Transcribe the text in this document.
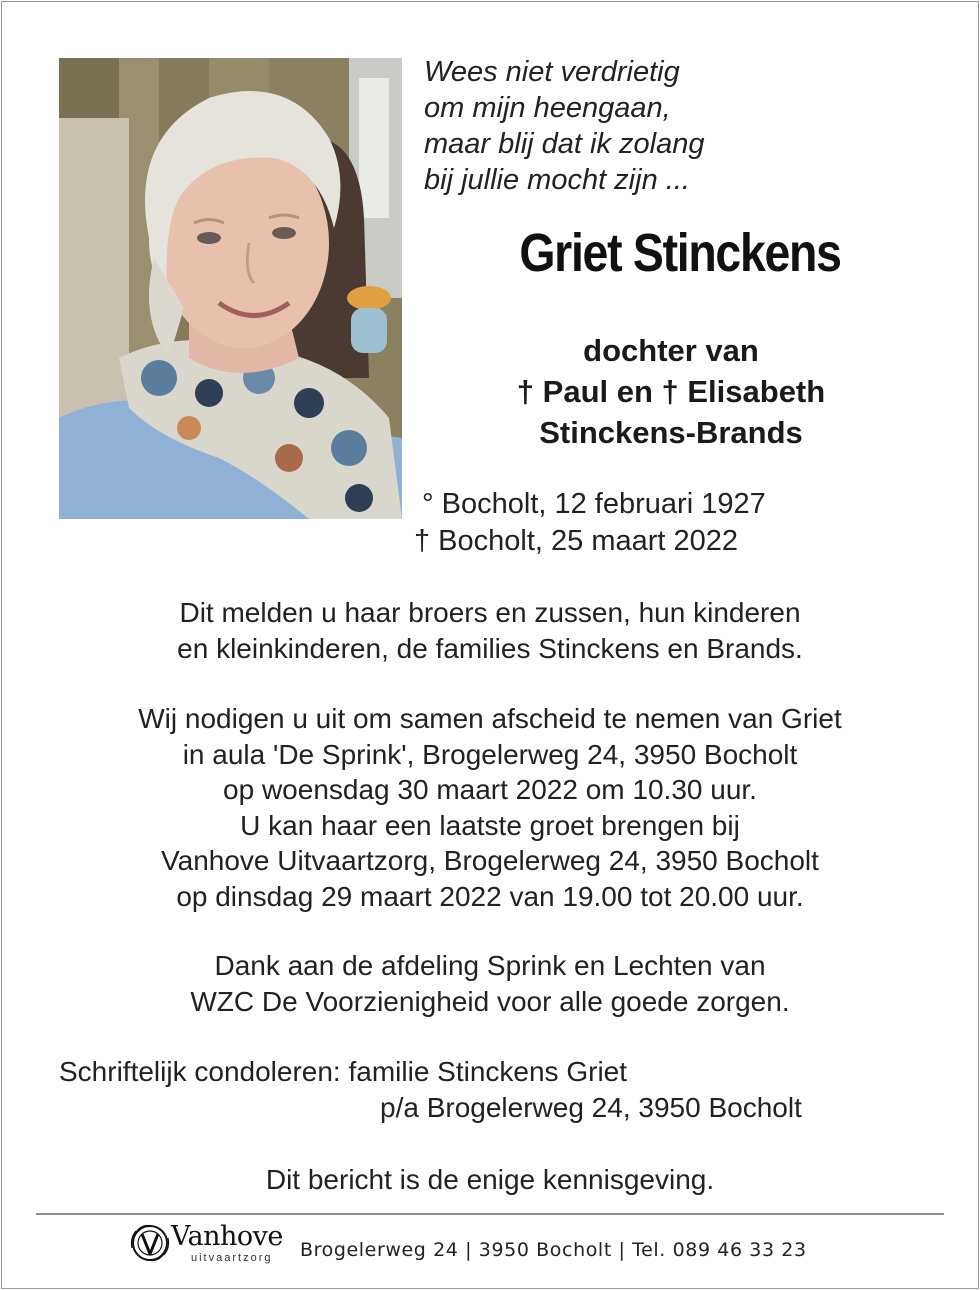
Wees niet verdrietig
om mijn heengaan,
maar blij dat ik zolang
bij jullie mocht zijn ...
Griet Stinckens
dochter van
† Paul en † Elisabeth
Stinckens-Brands
° Bocholt, 12 februari 1927
† Bocholt, 25 maart 2022
Dit melden u haar broers en zussen, hun kinderen
en kleinkinderen, de families Stinckens en Brands.
Wij nodigen u uit om samen afscheid te nemen van Griet
in aula 'De Sprink', Brogelerweg 24, 3950 Bocholt
op woensdag 30 maart 2022 om 10.30 uur.
U kan haar een laatste groet brengen bij
Vanhove Uitvaartzorg, Brogelerweg 24, 3950 Bocholt
op dinsdag 29 maart 2022 van 19.00 tot 20.00 uur.
Dank aan de afdeling Sprink en Lechten van
WZC De Voorzienigheid voor alle goede zorgen.
Schriftelijk condoleren: familie Stinckens Griet
p/a Brogelerweg 24, 3950 Bocholt
Dit bericht is de enige kennisgeving.
Vanhove
uitvaartzorg Brogelerweg 24 | 3950 Bocholt | Tel. 089 46 33 23
